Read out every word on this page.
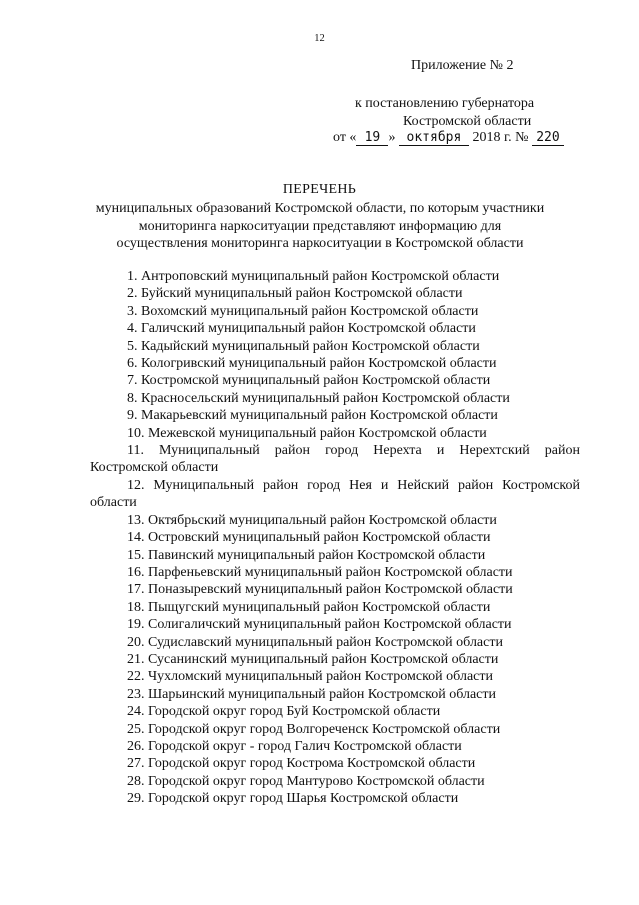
12
Приложение № 2
к постановлению губернатора
Костромской области
от « 19 » октября 2018 г. № 220
ПЕРЕЧЕНЬ
муниципальных образований Костромской области, по которым участники
мониторинга наркоситуации представляют информацию для
осуществления мониторинга наркоситуации в Костромской области
1. Антроповский муниципальный район Костромской области
2. Буйский муниципальный район Костромской области
3. Вохомский муниципальный район Костромской области
4. Галичский муниципальный район Костромской области
5. Кадыйский муниципальный район Костромской области
6. Кологривский муниципальный район Костромской области
7. Костромской муниципальный район Костромской области
8. Красносельский муниципальный район Костромской области
9. Макарьевский муниципальный район Костромской области
10. Межевской муниципальный район Костромской области
11. Муниципальный район город Нерехта и Нерехтский район Костромской области
12. Муниципальный район город Нея и Нейский район Костромской области
13. Октябрьский муниципальный район Костромской области
14. Островский муниципальный район Костромской области
15. Павинский муниципальный район Костромской области
16. Парфеньевский муниципальный район Костромской области
17. Поназыревский муниципальный район Костромской области
18. Пыщугский муниципальный район Костромской области
19. Солигаличский муниципальный район Костромской области
20. Судиславский муниципальный район Костромской области
21. Сусанинский муниципальный район Костромской области
22. Чухломский муниципальный район Костромской области
23. Шарьинский муниципальный район Костромской области
24. Городской округ город Буй Костромской области
25. Городской округ город Волгореченск Костромской области
26. Городской округ - город Галич Костромской области
27. Городской округ город Кострома Костромской области
28. Городской округ город Мантурово Костромской области
29. Городской округ город Шарья Костромской области
